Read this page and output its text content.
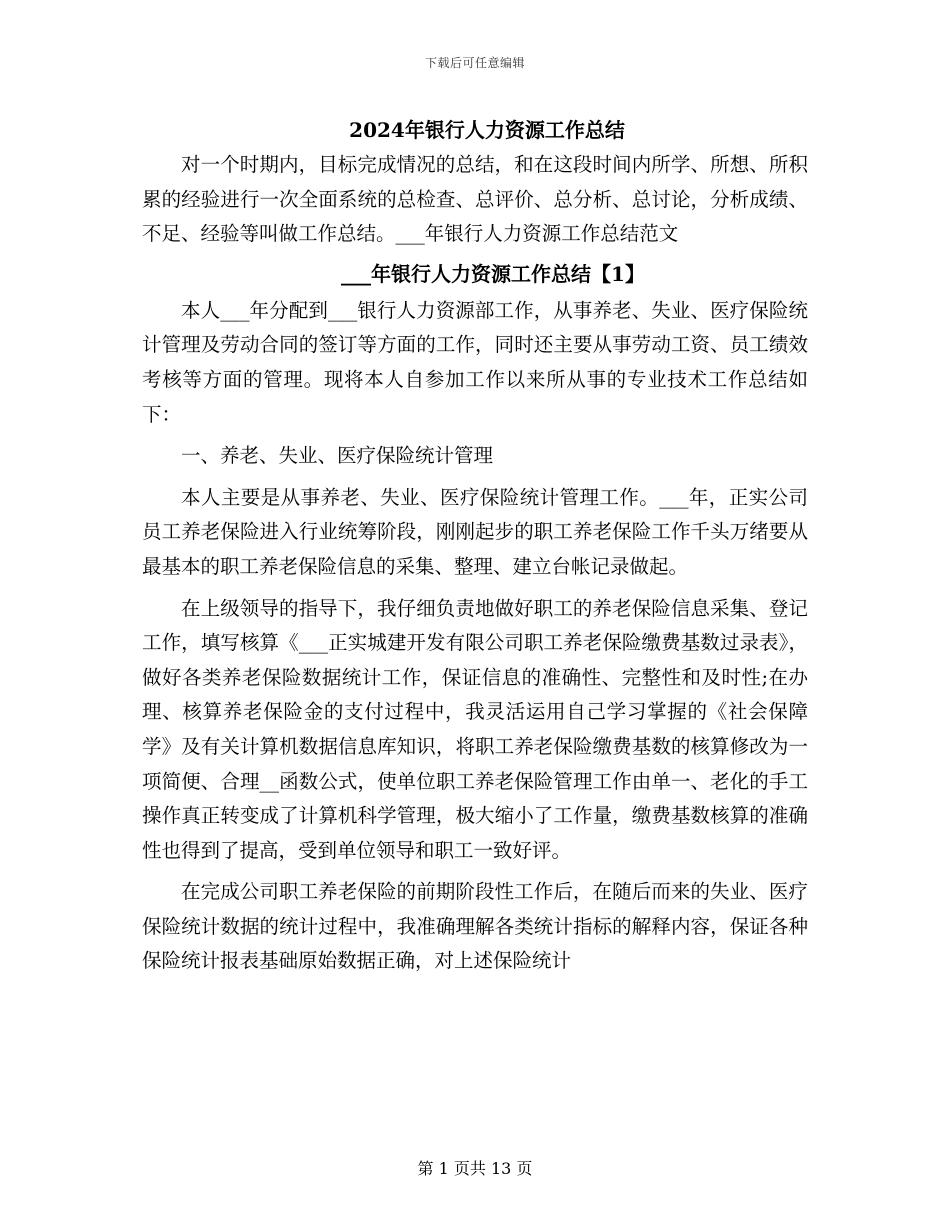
下载后可任意编辑

2024年银行人力资源工作总结

对一个时期内，目标完成情况的总结，和在这段时间内所学、所想、所积累的经验进行一次全面系统的总检查、总评价、总分析、总讨论，分析成绩、不足、经验等叫做工作总结。___年银行人力资源工作总结范文

___年银行人力资源工作总结【1】

本人___年分配到___银行人力资源部工作，从事养老、失业、医疗保险统计管理及劳动合同的签订等方面的工作，同时还主要从事劳动工资、员工绩效考核等方面的管理。现将本人自参加工作以来所从事的专业技术工作总结如下：

一、养老、失业、医疗保险统计管理

本人主要是从事养老、失业、医疗保险统计管理工作。___年，正实公司员工养老保险进入行业统筹阶段，刚刚起步的职工养老保险工作千头万绪要从最基本的职工养老保险信息的采集、整理、建立台帐记录做起。

在上级领导的指导下，我仔细负责地做好职工的养老保险信息采集、登记工作，填写核算《___正实城建开发有限公司职工养老保险缴费基数过录表》，做好各类养老保险数据统计工作，保证信息的准确性、完整性和及时性;在办理、核算养老保险金的支付过程中，我灵活运用自己学习掌握的《社会保障学》及有关计算机数据信息库知识，将职工养老保险缴费基数的核算修改为一项简便、合理__函数公式，使单位职工养老保险管理工作由单一、老化的手工操作真正转变成了计算机科学管理，极大缩小了工作量，缴费基数核算的准确性也得到了提高，受到单位领导和职工一致好评。

在完成公司职工养老保险的前期阶段性工作后，在随后而来的失业、医疗保险统计数据的统计过程中，我准确理解各类统计指标的解释内容，保证各种保险统计报表基础原始数据正确，对上述保险统计

第 1 页共 13 页
